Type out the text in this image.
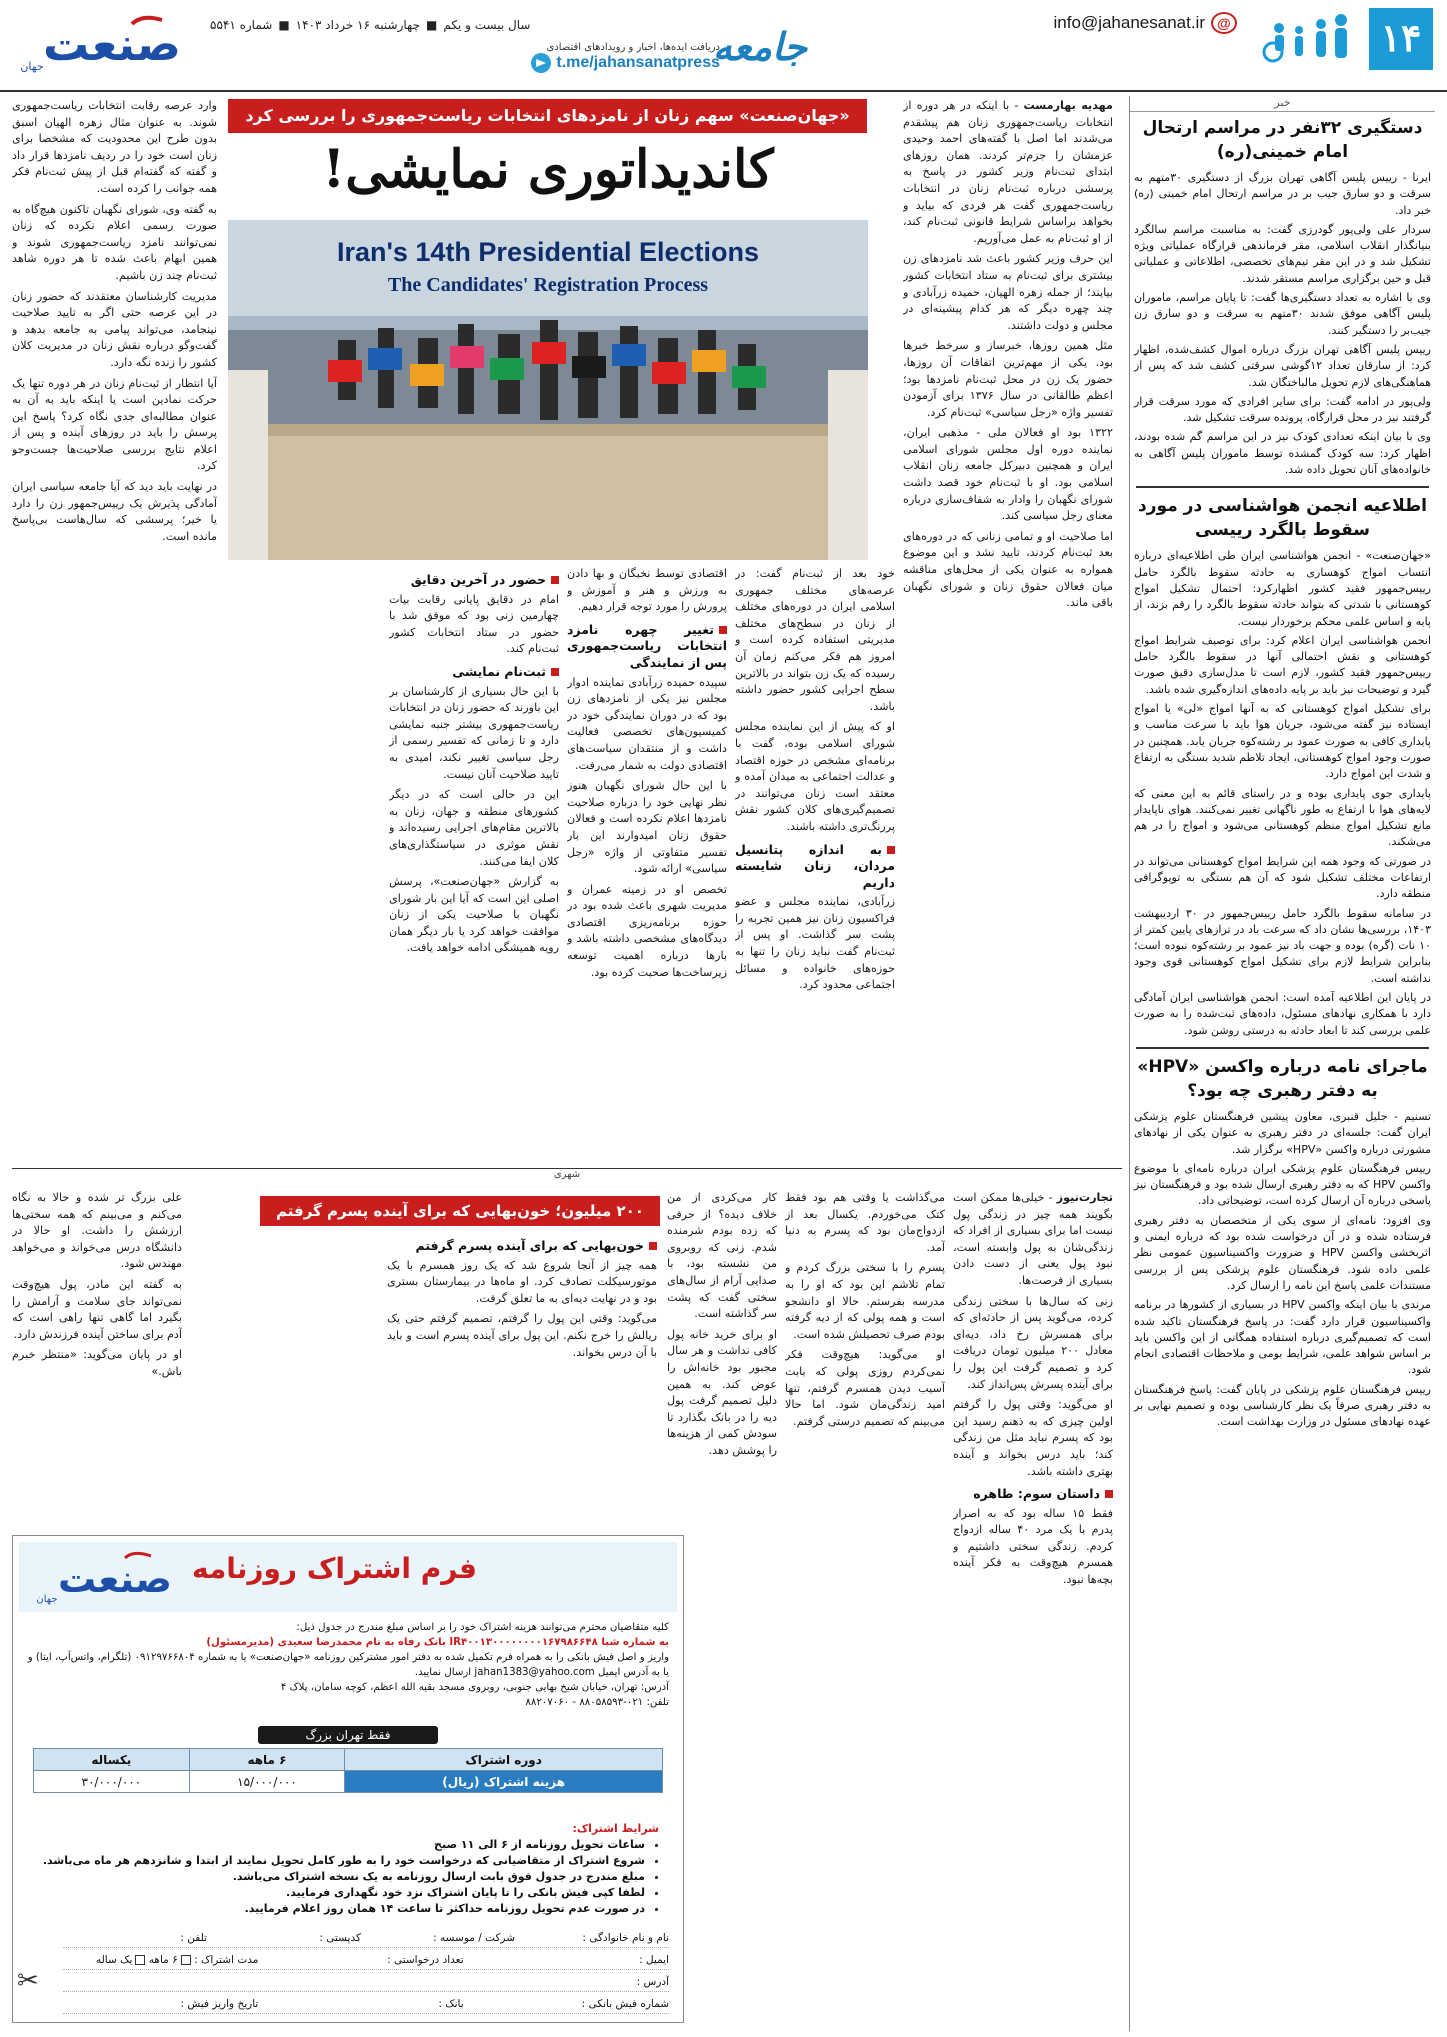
۱۴
info@jahanesanat.ir @
جامعه
دریافت ایده‌ها، اخبار و رویدادهای اقتصادی
t.me/jahansanatpress
سال بیست و یکم
■
چهارشنبه ۱۶ خرداد ۱۴۰۳
■
شماره ۵۵۴۱
صنعت
جهان
خبر
دستگیری ۳۲نفر در مراسم ارتحال امام خمینی(ره)

ایرنا - رییس پلیس آگاهی تهران بزرگ از دستگیری ۳۰متهم به سرقت و دو سارق جیب بر در مراسم ارتحال امام خمینی (ره) خبر داد.

سردار علی ولی‌پور گودرزی گفت: به مناسبت مراسم سالگرد بنیانگذار انقلاب اسلامی، مقر فرماندهی قرارگاه عملیاتی ویژه تشکیل شد و در این مقر تیم‌های تخصصی، اطلاعاتی و عملیاتی قبل و حین برگزاری مراسم مستقر شدند.

وی با اشاره به تعداد دستگیری‌ها گفت: تا پایان مراسم، ماموران پلیس آگاهی موفق شدند ۳۰متهم به سرقت و دو سارق زن جیب‌بر را دستگیر کنند.

رییس پلیس آگاهی تهران بزرگ درباره اموال کشف‌شده، اظهار کرد: از سارقان تعداد ۱۲گوشی سرقتی کشف شد که پس از هماهنگی‌های لازم تحویل مالباختگان شد.

ولی‌پور در ادامه گفت: برای سایر افرادی که مورد سرقت قرار گرفتند نیز در محل قرارگاه، پرونده سرقت تشکیل شد.

وی با بیان اینکه تعدادی کودک نیز در این مراسم گم شده بودند، اظهار کرد: سه کودک گمشده توسط ماموران پلیس آگاهی به خانواده‌های آنان تحویل داده شد.

اطلاعیه انجمن هواشناسی در مورد سقوط بالگرد رییسی

«جهان‌صنعت» - انجمن هواشناسی ایران طی اطلاعیه‌ای درباره انتساب امواج کوهساری به حادثه سقوط بالگرد حامل رییس‌جمهور فقید کشور اظهارکرد: احتمال تشکیل امواج کوهستانی با شدتی که بتواند حادثه سقوط بالگرد را رقم بزند، از پایه و اساس علمی محکم برخوردار نیست.

انجمن هواشناسی ایران اعلام کرد: برای توصیف شرایط امواج کوهستانی و نقش احتمالی آنها در سقوط بالگرد حامل رییس‌جمهور فقید کشور، لازم است تا مدل‌سازی دقیق صورت گیرد و توضیحات نیز باید بر پایه داده‌های اندازه‌گیری شده باشد.

برای تشکیل امواج کوهستانی که به آنها امواج «لی» یا امواج ایستاده نیز گفته می‌شود، جریان هوا باید با سرعت مناسب و پایداری کافی به صورت عمود بر رشته‌کوه جریان یابد. همچنین در صورت وجود امواج کوهستانی، ایجاد تلاطم شدید بستگی به ارتفاع و شدت این امواج دارد.

پایداری جوی پایداری بوده و در راستای قائم به این معنی که لایه‌های هوا با ارتفاع به طور ناگهانی تغییر نمی‌کنند. هوای ناپایدار مانع تشکیل امواج منظم کوهستانی می‌شود و امواج را در هم می‌شکند.

در صورتی که وجود همه این شرایط امواج کوهستانی می‌تواند در ارتفاعات مختلف تشکیل شود که آن هم بستگی به توپوگرافی منطقه دارد.

در سامانه سقوط بالگرد حامل رییس‌جمهور در ۳۰ اردیبهشت ۱۴۰۳، بررسی‌ها نشان داد که سرعت باد در ترازهای پایین کمتر از ۱۰ نات (گره) بوده و جهت باد نیز عمود بر رشته‌کوه نبوده است؛ بنابراین شرایط لازم برای تشکیل امواج کوهستانی قوی وجود نداشته است.

در پایان این اطلاعیه آمده است: انجمن هواشناسی ایران آمادگی دارد با همکاری نهادهای مسئول، داده‌های ثبت‌شده را به صورت علمی بررسی کند تا ابعاد حادثه به درستی روشن شود.

ماجرای نامه درباره واکسن «HPV» به دفتر رهبری چه بود؟

تسنیم - جلیل قنبری، معاون پیشین فرهنگستان علوم پزشکی ایران گفت: جلسه‌ای در دفتر رهبری به عنوان یکی از نهادهای مشورتی درباره واکسن «HPV» برگزار شد.

رییس فرهنگستان علوم پزشکی ایران درباره نامه‌ای با موضوع واکسن HPV که به دفتر رهبری ارسال شده بود و فرهنگستان نیز پاسخی درباره آن ارسال کرده است، توضیحاتی داد.

وی افزود: نامه‌ای از سوی یکی از متخصصان به دفتر رهبری فرستاده شده و در آن درخواست شده بود که درباره ایمنی و اثربخشی واکسن HPV و ضرورت واکسیناسیون عمومی نظر علمی داده شود. فرهنگستان علوم پزشکی پس از بررسی مستندات علمی پاسخ این نامه را ارسال کرد.

مرندی با بیان اینکه واکسن HPV در بسیاری از کشورها در برنامه واکسیناسیون قرار دارد گفت: در پاسخ فرهنگستان تاکید شده است که تصمیم‌گیری درباره استفاده همگانی از این واکسن باید بر اساس شواهد علمی، شرایط بومی و ملاحظات اقتصادی انجام شود.

رییس فرهنگستان علوم پزشکی در پایان گفت: پاسخ فرهنگستان به دفتر رهبری صرفاً یک نظر کارشناسی بوده و تصمیم نهایی بر عهده نهادهای مسئول در وزارت بهداشت است.

مهدیه بهارمست - با اینکه در هر دوره از انتخابات ریاست‌جمهوری زنان هم پیشقدم می‌شدند اما اصل با گفته‌های احمد وحیدی عزمشان را جزم‌تر کردند. همان روزهای ابتدای ثبت‌نام وزیر کشور در پاسخ به پرسشی درباره ثبت‌نام زنان در انتخابات ریاست‌جمهوری گفت هر فردی که بیاید و بخواهد براساس شرایط قانونی ثبت‌نام کند، از او ثبت‌نام به عمل می‌آوریم.

این حرف وزیر کشور باعث شد نامزدهای زن بیشتری برای ثبت‌نام به ستاد انتخابات کشور بیایند؛ از جمله زهره الهیان، حمیده زرآبادی و چند چهره دیگر که هر کدام پیشینه‌ای در مجلس و دولت داشتند.

مثل همین روزها، خبرساز و سرخط خبرها بود. یکی از مهم‌ترین اتفاقات آن روزها، حضور یک زن در محل ثبت‌نام نامزدها بود؛ اعظم طالقانی در سال ۱۳۷۶ برای آزمودن تفسیر واژه «رجل سیاسی» ثبت‌نام کرد.

۱۳۲۲ بود او فعالان ملی - مذهبی ایران، نماینده دوره اول مجلس شورای اسلامی ایران و همچنین دبیرکل جامعه زنان انقلاب اسلامی بود. او با ثبت‌نام خود قصد داشت شورای نگهبان را وادار به شفاف‌سازی درباره معنای رجل سیاسی کند.

اما صلاحیت او و تمامی زنانی که در دوره‌های بعد ثبت‌نام کردند، تایید نشد و این موضوع همواره به عنوان یکی از محل‌های مناقشه میان فعالان حقوق زنان و شورای نگهبان باقی ماند.

«جهان‌صنعت» سهم زنان از نامزدهای انتخابات ریاست‌جمهوری را بررسی کرد
کاندیداتوری نمایشی!
Iran's 14th Presidential Elections
The Candidates' Registration Process

خود بعد از ثبت‌نام گفت: در عرصه‌های مختلف جمهوری اسلامی ایران در دوره‌های مختلف از زنان در سطح‌های مختلف مدیریتی استفاده کرده است و امروز هم فکر می‌کنم زمان آن رسیده که یک زن بتواند در بالاترین سطح اجرایی کشور حضور داشته باشد.

او که پیش از این نماینده مجلس شورای اسلامی بوده، گفت با برنامه‌ای مشخص در حوزه اقتصاد و عدالت اجتماعی به میدان آمده و معتقد است زنان می‌توانند در تصمیم‌گیری‌های کلان کشور نقش پررنگ‌تری داشته باشند.

به اندازه پتانسیل مردان، زنان شایسته داریم

زرآبادی، نماینده مجلس و عضو فراکسیون زنان نیز همین تجربه را پشت سر گذاشت. او پس از ثبت‌نام گفت نباید زنان را تنها به حوزه‌های خانواده و مسائل اجتماعی محدود کرد.

اقتصادی توسط نخبگان و بها دادن به ورزش و هنر و آموزش و پرورش را مورد توجه قرار دهیم.

تغییر چهره نامزد انتخابات ریاست‌جمهوری پس از نمایندگی

سپیده حمیده زرآبادی نماینده ادوار مجلس نیز یکی از نامزدهای زن بود که در دوران نمایندگی خود در کمیسیون‌های تخصصی فعالیت داشت و از منتقدان سیاست‌های اقتصادی دولت به شمار می‌رفت.

با این حال شورای نگهبان هنوز نظر نهایی خود را درباره صلاحیت نامزدها اعلام نکرده است و فعالان حقوق زنان امیدوارند این بار تفسیر متفاوتی از واژه «رجل سیاسی» ارائه شود.

تخصص او در زمینه عمران و مدیریت شهری باعث شده بود در حوزه برنامه‌ریزی اقتصادی دیدگاه‌های مشخصی داشته باشد و بارها درباره اهمیت توسعه زیرساخت‌ها صحبت کرده بود.

حضور در آخرین دقایق

امام در دقایق پایانی رقابت بیات چهارمین زنی بود که موفق شد با حضور در ستاد انتخابات کشور ثبت‌نام کند.

ثبت‌نام نمایشی

با این حال بسیاری از کارشناسان بر این باورند که حضور زنان در انتخابات ریاست‌جمهوری بیشتر جنبه نمایشی دارد و تا زمانی که تفسیر رسمی از رجل سیاسی تغییر نکند، امیدی به تایید صلاحیت آنان نیست.

این در حالی است که در دیگر کشورهای منطقه و جهان، زنان به بالاترین مقام‌های اجرایی رسیده‌اند و نقش موثری در سیاستگذاری‌های کلان ایفا می‌کنند.

به گزارش «جهان‌صنعت»، پرسش اصلی این است که آیا این بار شورای نگهبان با صلاحیت یکی از زنان موافقت خواهد کرد یا بار دیگر همان رویه همیشگی ادامه خواهد یافت.

وارد عرصه رقابت انتخابات ریاست‌جمهوری شوند. به عنوان مثال زهره الهیان اسبق بدون طرح این محدودیت که مشخصا برای زنان است خود را در ردیف نامزدها قرار داد و گفته که گفته‌ام قبل از پیش ثبت‌نام فکر همه جوانب را کرده است.

به گفته وی، شورای نگهبان تاکنون هیچ‌گاه به صورت رسمی اعلام نکرده که زنان نمی‌توانند نامزد ریاست‌جمهوری شوند و همین ابهام باعث شده تا هر دوره شاهد ثبت‌نام چند زن باشیم.

مدیریت کارشناسان معتقدند که حضور زنان در این عرصه حتی اگر به تایید صلاحیت نینجامد، می‌تواند پیامی به جامعه بدهد و گفت‌وگو درباره نقش زنان در مدیریت کلان کشور را زنده نگه دارد.

آیا انتظار از ثبت‌نام زنان در هر دوره تنها یک حرکت نمادین است یا اینکه باید به آن به عنوان مطالبه‌ای جدی نگاه کرد؟ پاسخ این پرسش را باید در روزهای آینده و پس از اعلام نتایج بررسی صلاحیت‌ها جست‌وجو کرد.

در نهایت باید دید که آیا جامعه سیاسی ایران آمادگی پذیرش یک رییس‌جمهور زن را دارد یا خیر؛ پرسشی که سال‌هاست بی‌پاسخ مانده است.

شهری
۲۰۰ میلیون؛ خون‌بهایی که برای آینده پسرم گرفتم

تجارت‌نیوز - خیلی‌ها ممکن است بگویند همه چیز در زندگی پول نیست اما برای بسیاری از افراد که زندگی‌شان به پول وابسته است، نبود پول یعنی از دست دادن بسیاری از فرصت‌ها.

زنی که سال‌ها با سختی زندگی کرده، می‌گوید پس از حادثه‌ای که برای همسرش رخ داد، دیه‌ای معادل ۲۰۰ میلیون تومان دریافت کرد و تصمیم گرفت این پول را برای آینده پسرش پس‌انداز کند.

او می‌گوید: وقتی پول را گرفتم اولین چیزی که به ذهنم رسید این بود که پسرم نباید مثل من زندگی کند؛ باید درس بخواند و آینده بهتری داشته باشد.

داستان سوم: طاهره

فقط ۱۵ ساله بود که به اصرار پدرم با یک مرد ۴۰ ساله ازدواج کردم. زندگی سختی داشتیم و همسرم هیچ‌وقت به فکر آینده بچه‌ها نبود.

می‌گذاشت یا وقتی هم بود فقط کتک می‌خوردم. یکسال بعد از ازدواج‌مان بود که پسرم به دنیا آمد.

پسرم را با سختی بزرگ کردم و تمام تلاشم این بود که او را به مدرسه بفرستم. حالا او دانشجو است و همه پولی که از دیه گرفته بودم صرف تحصیلش شده است.

او می‌گوید: هیچ‌وقت فکر نمی‌کردم روزی پولی که بابت آسیب دیدن همسرم گرفتم، تنها امید زندگی‌مان شود. اما حالا می‌بینم که تصمیم درستی گرفتم.

کار می‌کردی از من خلاف دیده؟ از حرفی که زده بودم شرمنده شدم. زنی که روبروی من نشسته بود، با صدایی آرام از سال‌های سختی گفت که پشت سر گذاشته است.

او برای خرید خانه پول کافی نداشت و هر سال مجبور بود خانه‌اش را عوض کند. به همین دلیل تصمیم گرفت پول دیه را در بانک بگذارد تا سودش کمی از هزینه‌ها را پوشش دهد.

خون‌بهایی که برای آینده پسرم گرفتم

همه چیز از آنجا شروع شد که یک روز همسرم با یک موتورسیکلت تصادف کرد. او ماه‌ها در بیمارستان بستری بود و در نهایت دیه‌ای به ما تعلق گرفت.

می‌گوید: وقتی این پول را گرفتم، تصمیم گرفتم حتی یک ریالش را خرج نکنم. این پول برای آینده پسرم است و باید با آن درس بخواند.

علی بزرگ تر شده و حالا به نگاه می‌کنم و می‌بینم که همه سختی‌ها ارزشش را داشت. او حالا در دانشگاه درس می‌خواند و می‌خواهد مهندس شود.

به گفته این مادر، پول هیچ‌وقت نمی‌تواند جای سلامت و آرامش را بگیرد اما گاهی تنها راهی است که آدم برای ساختن آینده فرزندش دارد.

او در پایان می‌گوید: «منتظر خبرم باش.»

فرم اشتراک روزنامه
صنعت
جهان
کلیه متقاضیان محترم می‌توانند هزینه اشتراک خود را بر اساس مبلغ مندرج در جدول ذیل:
به شماره شبا IR۴۰۰۱۳۰۰۰۰۰۰۰۰۱۶۷۹۸۶۶۴۸ بانک رفاه به نام محمدرضا سعیدی (مدیرمسئول)
واریز و اصل فیش بانکی را به همراه فرم تکمیل شده به دفتر امور مشترکین روزنامه «جهان‌صنعت» یا به شماره ۰۹۱۲۹۷۶۶۸۰۴ (تلگرام، واتس‌آپ، ایتا) و یا به آدرس ایمیل jahan1383@yahoo.com ارسال نمایید.
آدرس: تهران، خیابان شیخ بهایی جنوبی، روبروی مسجد بقیه الله اعظم، کوچه سامان، پلاک ۴
تلفن: ۰۲۱-۸۸۰۵۸۵۹۳ - ۸۸۲۰۷۰۶۰
فقط تهران بزرگ
دوره اشتراک	۶ ماهه	یکساله
هزینه اشتراک (ریال)	۱۵/۰۰۰/۰۰۰	۳۰/۰۰۰/۰۰۰
شرایط اشتراک:
• ساعات تحویل روزنامه از ۶ الی ۱۱ صبح
• شروع اشتراک از متقاضیانی که درخواست خود را به طور کامل تحویل نمایند از ابتدا و شانزدهم هر ماه می‌باشد.
• مبلغ مندرج در جدول فوق بابت ارسال روزنامه به یک نسخه اشتراک می‌باشد.
• لطفا کپی فیش بانکی را تا پایان اشتراک نزد خود نگهداری فرمایید.
• در صورت عدم تحویل روزنامه حداکثر تا ساعت ۱۴ همان روز اعلام فرمایید.
نام و نام خانوادگی :
شرکت / موسسه :
کدپستی :
تلفن :
ایمیل :
تعداد درخواستی :
مدت اشتراک : ۶ ماهه یک ساله
آدرس :
شماره فیش بانکی :
بانک :
تاریخ واریز فیش :
✂
